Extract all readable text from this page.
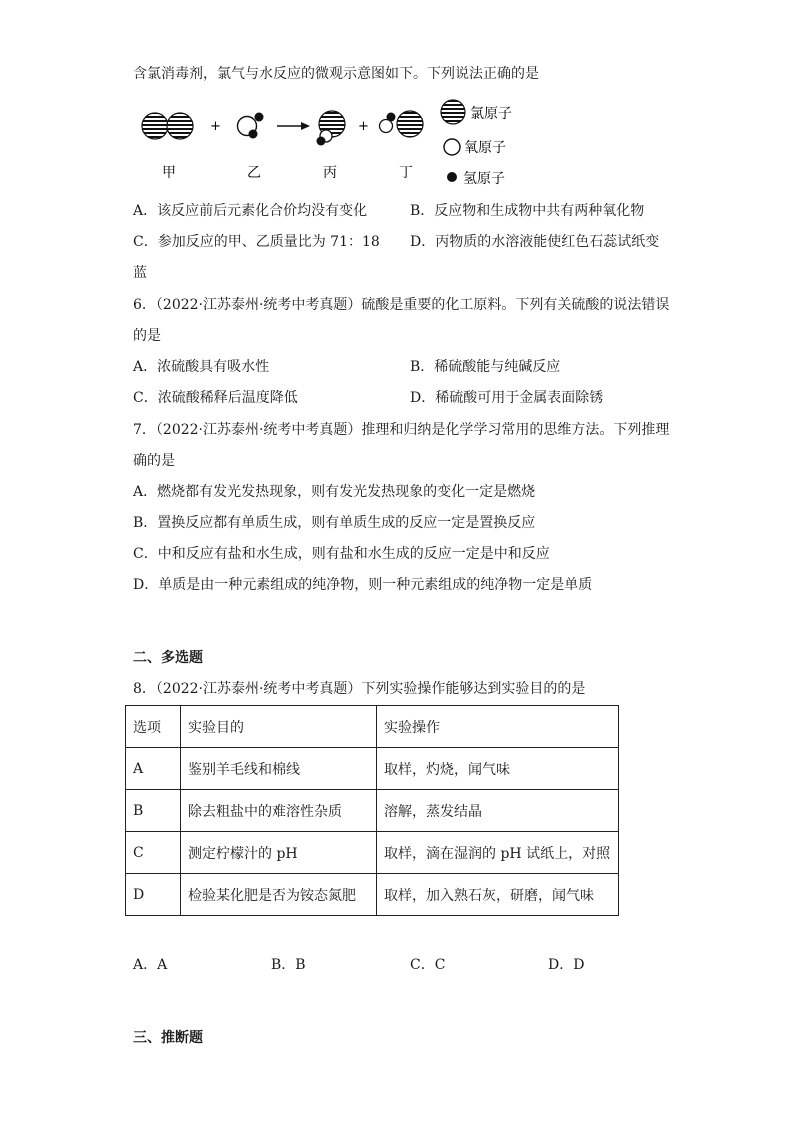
含氯消毒剂，氯气与水反应的微观示意图如下。下列说法正确的是
+	+
甲	乙	丙	丁
氯原子
氧原子
氢原子
A．该反应前后元素化合价均没有变化	B．反应物和生成物中共有两种氧化物
C．参加反应的甲、乙质量比为 71：18 D．丙物质的水溶液能使红色石蕊试纸变
蓝
6．（2022·江苏泰州·统考中考真题）硫酸是重要的化工原料。下列有关硫酸的说法错误
的是
A．浓硫酸具有吸水性	B．稀硫酸能与纯碱反应
C．浓硫酸稀释后温度降低	D．稀硫酸可用于金属表面除锈
7．（2022·江苏泰州·统考中考真题）推理和归纳是化学学习常用的思维方法。下列推理
确的是
A．燃烧都有发光发热现象，则有发光发热现象的变化一定是燃烧
B．置换反应都有单质生成，则有单质生成的反应一定是置换反应
C．中和反应有盐和水生成，则有盐和水生成的反应一定是中和反应
D．单质是由一种元素组成的纯净物，则一种元素组成的纯净物一定是单质
二、多选题
8．（2022·江苏泰州·统考中考真题）下列实验操作能够达到实验目的的是
选项	实验目的	实验操作
A	鉴别羊毛线和棉线	取样，灼烧，闻气味
B	除去粗盐中的难溶性杂质	溶解，蒸发结晶
C	测定柠檬汁的 pH	取样，滴在湿润的 pH 试纸上，对照
D	检验某化肥是否为铵态氮肥	取样，加入熟石灰，研磨，闻气味
A．A	B．B	C．C	D．D
三、推断题
